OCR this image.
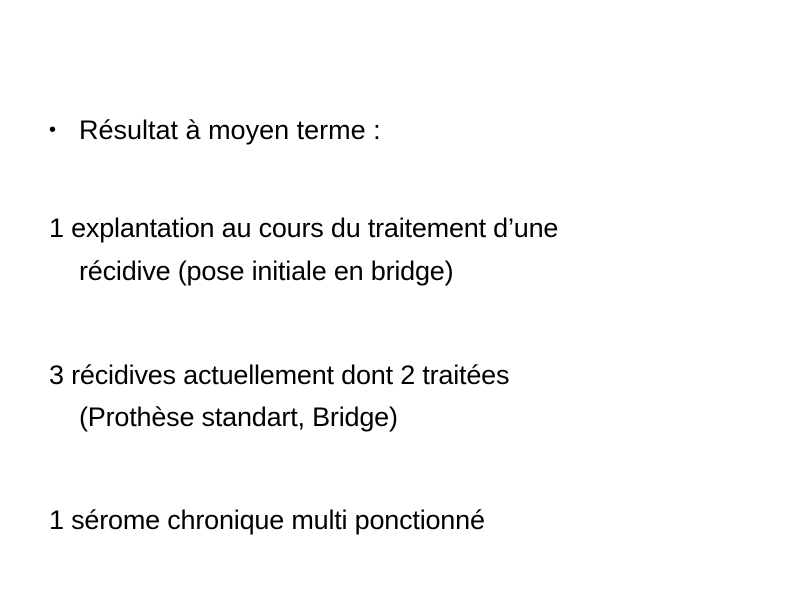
• Résultat à moyen terme :
1 explantation au cours du traitement d’une
récidive (pose initiale en bridge)
3 récidives actuellement dont 2 traitées
(Prothèse standart, Bridge)
1 sérome chronique multi ponctionné
